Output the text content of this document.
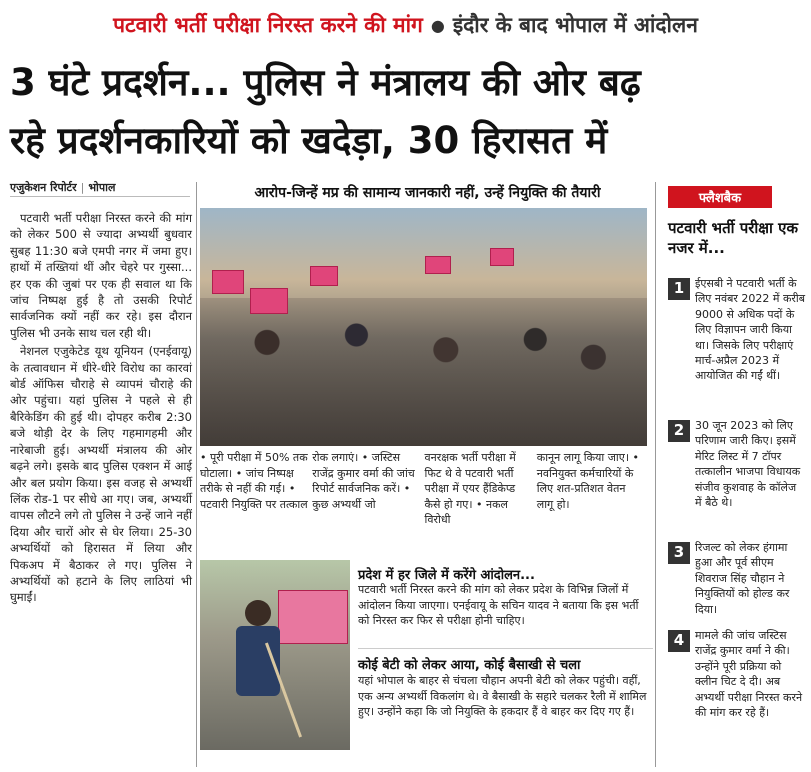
पटवारी भर्ती परीक्षा निरस्त करने की मांग ● इंदौर के बाद भोपाल में आंदोलन
3 घंटे प्रदर्शन... पुलिस ने मंत्रालय की ओर बढ़
रहे प्रदर्शनकारियों को खदेड़ा, 30 हिरासत में
एजुकेशन रिपोर्टर | भोपाल	आरोप-जिन्हें मप्र की सामान्य जानकारी नहीं, उन्हें नियुक्ति की तैयारी

पटवारी भर्ती परीक्षा निरस्त करने की मांग को लेकर 500 से ज्यादा अभ्यर्थी बुधवार सुबह 11:30 बजे एमपी नगर में जमा हुए। हाथों में तख्तियां थीं और चेहरे पर गुस्सा... हर एक की जुबां पर एक ही सवाल था कि जांच निष्पक्ष हुई है तो उसकी रिपोर्ट सार्वजनिक क्यों नहीं कर रहे। इस दौरान पुलिस भी उनके साथ चल रही थी।

नेशनल एजुकेटेड यूथ यूनियन (एनईवायू) के तत्वावधान में धीरे-धीरे विरोध का कारवां बोर्ड ऑफिस चौराहे से व्यापमं चौराहे की ओर पहुंचा। यहां पुलिस ने पहले से ही बैरिकेडिंग की हुई थी। दोपहर करीब 2:30 बजे थोड़ी देर के लिए गहमागहमी और नारेबाजी हुई। अभ्यर्थी मंत्रालय की ओर बढ़ने लगे। इसके बाद पुलिस एक्शन में आई और बल प्रयोग किया। इस वजह से अभ्यर्थी लिंक रोड-1 पर सीधे आ गए। जब, अभ्यर्थी वापस लौटने लगे तो पुलिस ने उन्हें जाने नहीं दिया और चारों ओर से घेर लिया। 25-30 अभ्यर्थियों को हिरासत में लिया और पिकअप में बैठाकर ले गए। पुलिस ने अभ्यर्थियों को हटाने के लिए लाठियां भी घुमाईं।

• पूरी परीक्षा में 50% तक घोटाला। • जांच निष्पक्ष तरीके से नहीं की गई। • पटवारी नियुक्ति पर तत्काल
रोक लगाएं। • जस्टिस राजेंद्र कुमार वर्मा की जांच रिपोर्ट सार्वजनिक करें। • कुछ अभ्यर्थी जो
वनरक्षक भर्ती परीक्षा में फिट थे वे पटवारी भर्ती परीक्षा में एयर हैंडिकेप्ड कैसे हो गए। • नकल विरोधी
कानून लागू किया जाए। • नवनियुक्त कर्मचारियों के लिए शत-प्रतिशत वेतन लागू हो।
प्रदेश में हर जिले में करेंगे आंदोलन...
पटवारी भर्ती निरस्त करने की मांग को लेकर प्रदेश के विभिन्न जिलों में आंदोलन किया जाएगा। एनईवायू के सचिन यादव ने बताया कि इस भर्ती को निरस्त कर फिर से परीक्षा होनी चाहिए।
कोई बेटी को लेकर आया, कोई बैसाखी से चला
यहां भोपाल के बाहर से चंचला चौहान अपनी बेटी को लेकर पहुंची। वहीं, एक अन्य अभ्यर्थी विकलांग थे। वे बैसाखी के सहारे चलकर रैली में शामिल हुए। उन्होंने कहा कि जो नियुक्ति के हकदार हैं वे बाहर कर दिए गए हैं।
फ्लैशबैक
पटवारी भर्ती परीक्षा एक नजर में...
1 ईएसबी ने पटवारी भर्ती के लिए नवंबर 2022 में करीब 9000 से अधिक पदों के लिए विज्ञापन जारी किया था। जिसके लिए परीक्षाएं मार्च-अप्रैल 2023 में आयोजित की गईं थीं।
2 30 जून 2023 को लिए परिणाम जारी किए। इसमें मेरिट लिस्ट में 7 टॉपर तत्कालीन भाजपा विधायक संजीव कुशवाह के कॉलेज में बैठे थे।
3 रिजल्ट को लेकर हंगामा हुआ और पूर्व सीएम शिवराज सिंह चौहान ने नियुक्तियों को होल्ड कर दिया।
4 मामले की जांच जस्टिस राजेंद्र कुमार वर्मा ने की। उन्होंने पूरी प्रक्रिया को क्लीन चिट दे दी। अब अभ्यर्थी परीक्षा निरस्त करने की मांग कर रहे हैं।
